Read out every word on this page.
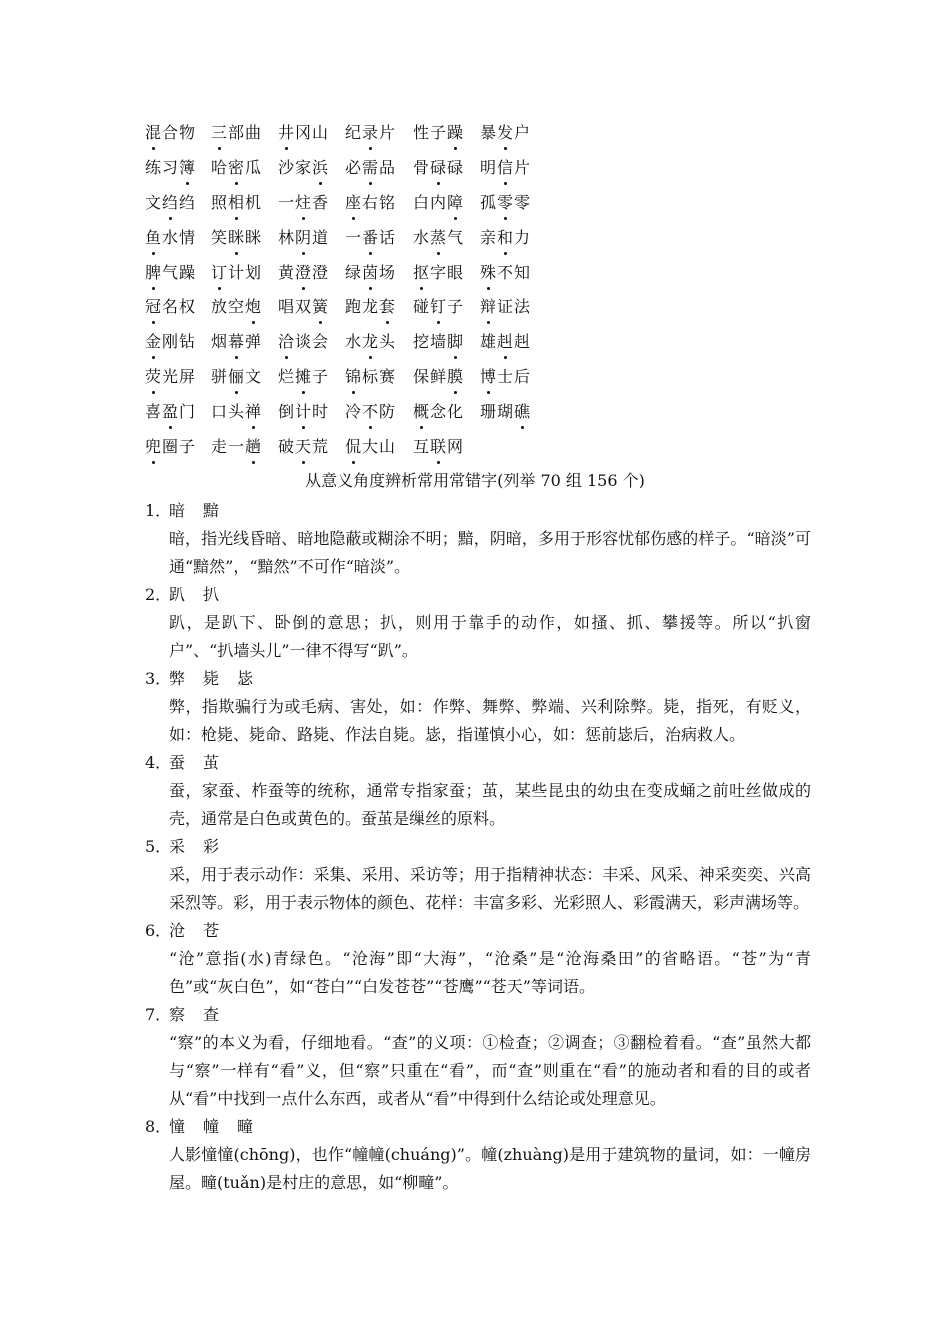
混合物 三部曲 井冈山 纪录片 性子躁 暴发户
练习簿 哈密瓜 沙家浜 必需品 骨碌碌 明信片
文绉绉 照相机 一炷香 座右铭 白内障 孤零零
鱼水情 笑眯眯 林阴道 一番话 水蒸气 亲和力
脾气躁 订计划 黄澄澄 绿茵场 抠字眼 殊不知
冠名权 放空炮 唱双簧 跑龙套 碰钉子 辩证法
金刚钻 烟幕弹 洽谈会 水龙头 挖墙脚 雄赳赳
荧光屏 骈俪文 烂摊子 锦标赛 保鲜膜 博士后
喜盈门 口头禅 倒计时 冷不防 概念化 珊瑚礁
兜圈子 走一趟 破天荒 侃大山 互联网
从意义角度辨析常用常错字(列举 70 组 156 个)
1．暗 黯
暗，指光线昏暗、暗地隐蔽或糊涂不明；黯，阴暗，多用于形容忧郁伤感的样子。“暗淡”可通“黯然”，“黯然”不可作“暗淡”。
2．趴 扒
趴，是趴下、卧倒的意思；扒，则用于靠手的动作，如搔、抓、攀援等。所以“扒窗户”、“扒墙头儿”一律不得写“趴”。
3．弊 毙 毖
弊，指欺骗行为或毛病、害处，如：作弊、舞弊、弊端、兴利除弊。毙，指死，有贬义，如：枪毙、毙命、路毙、作法自毙。毖，指谨慎小心，如：惩前毖后，治病救人。
4．蚕 茧
蚕，家蚕、柞蚕等的统称，通常专指家蚕；茧，某些昆虫的幼虫在变成蛹之前吐丝做成的壳，通常是白色或黄色的。蚕茧是缫丝的原料。
5．采 彩
采，用于表示动作：采集、采用、采访等；用于指精神状态：丰采、风采、神采奕奕、兴高采烈等。彩，用于表示物体的颜色、花样：丰富多彩、光彩照人、彩霞满天，彩声满场等。
6．沧 苍
“沧”意指(水)青绿色。“沧海”即“大海”，“沧桑”是“沧海桑田”的省略语。“苍”为“青色”或“灰白色”，如“苍白”“白发苍苍”“苍鹰”“苍天”等词语。
7．察 查
“察”的本义为看，仔细地看。“查”的义项：①检查；②调查；③翻检着看。“查”虽然大都与“察”一样有“看”义，但“察”只重在“看”，而“查”则重在“看”的施动者和看的目的或者从“看”中找到一点什么东西，或者从“看”中得到什么结论或处理意见。
8．憧 幢 疃
人影憧憧(chōng)，也作“幢幢(chuáng)”。幢(zhuàng)是用于建筑物的量词，如：一幢房屋。疃(tuǎn)是村庄的意思，如“柳疃”。
